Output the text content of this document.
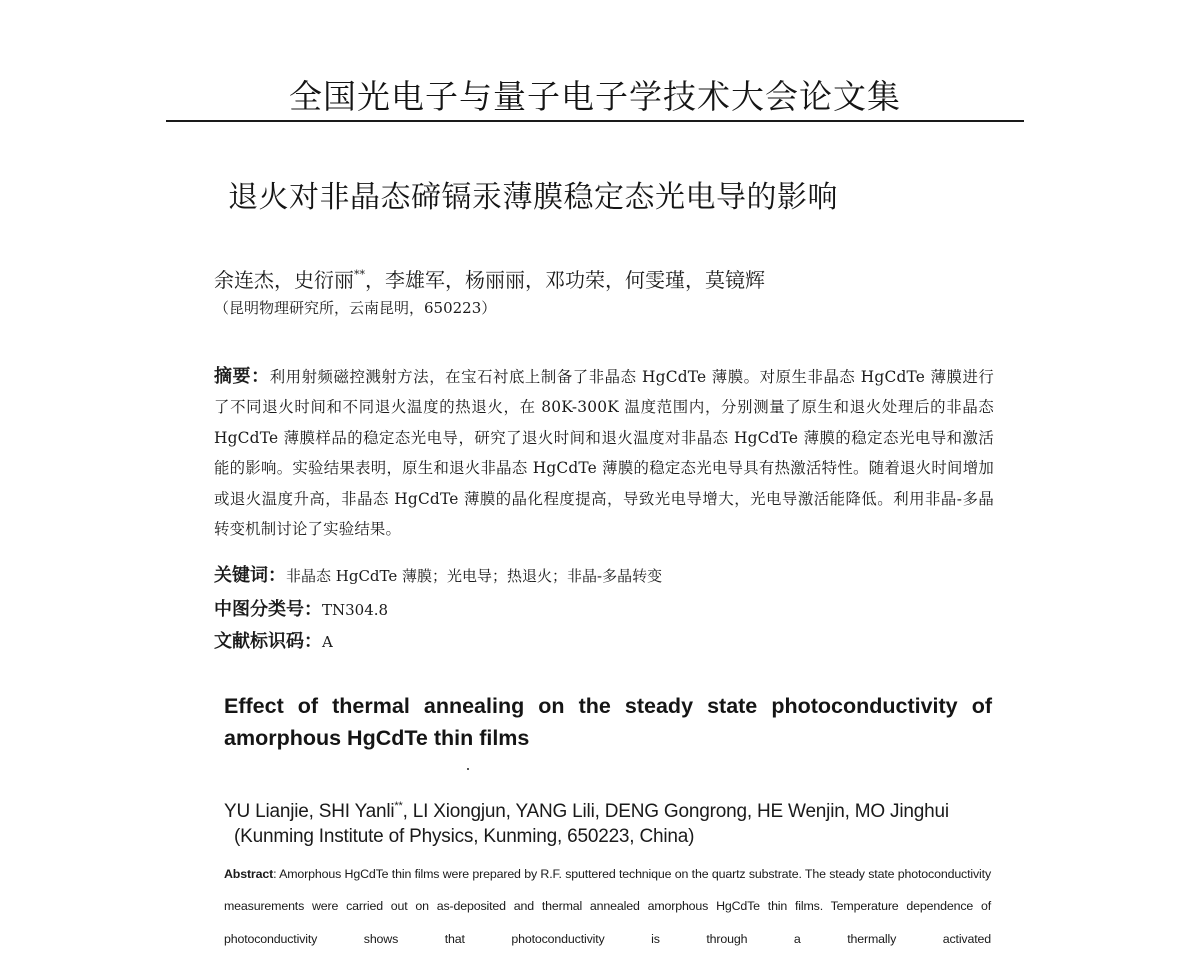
全国光电子与量子电子学技术大会论文集
退火对非晶态碲镉汞薄膜稳定态光电导的影响
余连杰，史衍丽**，李雄军，杨丽丽，邓功荣，何雯瑾，莫镜辉
（昆明物理研究所，云南昆明，650223）
摘要：利用射频磁控溅射方法，在宝石衬底上制备了非晶态 HgCdTe 薄膜。对原生非晶态 HgCdTe 薄膜进行了不同退火时间和不同退火温度的热退火，在 80K-300K 温度范围内，分别测量了原生和退火处理后的非晶态 HgCdTe 薄膜样品的稳定态光电导，研究了退火时间和退火温度对非晶态 HgCdTe 薄膜的稳定态光电导和激活能的影响。实验结果表明，原生和退火非晶态 HgCdTe 薄膜的稳定态光电导具有热激活特性。随着退火时间增加或退火温度升高，非晶态 HgCdTe 薄膜的晶化程度提高，导致光电导增大，光电导激活能降低。利用非晶-多晶转变机制讨论了实验结果。
关键词：非晶态 HgCdTe 薄膜；光电导；热退火；非晶-多晶转变
中图分类号：TN304.8
文献标识码：A
Effect of thermal annealing on the steady state photoconductivity of
amorphous HgCdTe thin films
YU Lianjie, SHI Yanli**, LI Xiongjun, YANG Lili, DENG Gongrong, HE Wenjin, MO Jinghui
(Kunming Institute of Physics, Kunming, 650223, China)
Abstract: Amorphous HgCdTe thin films were prepared by R.F. sputtered technique on the quartz substrate. The steady state photoconductivity measurements were carried out on as-deposited and thermal annealed amorphous HgCdTe thin films. Temperature dependence of photoconductivity shows that photoconductivity is through a thermally activated
